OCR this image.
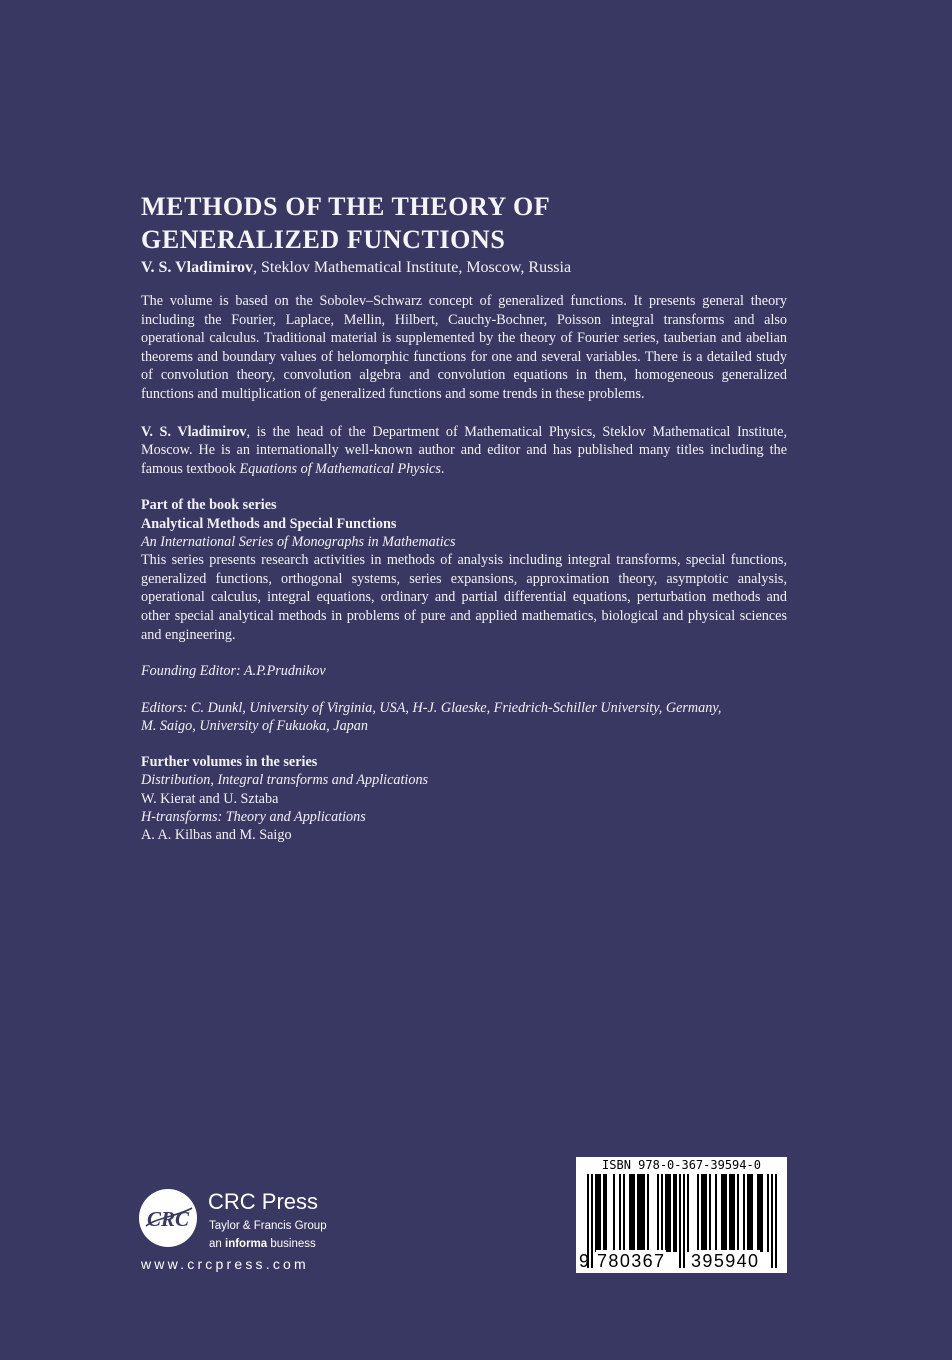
METHODS OF THE THEORY OF
GENERALIZED FUNCTIONS

V. S. Vladimirov, Steklov Mathematical Institute, Moscow, Russia

The volume is based on the Sobolev–Schwarz concept of generalized functions. It presents general theory including the Fourier, Laplace, Mellin, Hilbert, Cauchy-Bochner, Poisson integral transforms and also operational calculus. Traditional material is supplemented by the theory of Fourier series, tauberian and abelian theorems and boundary values of helomorphic functions for one and several variables. There is a detailed study of convolution theory, convolution algebra and convolution equations in them, homogeneous generalized functions and multiplication of generalized functions and some trends in these problems.

V. S. Vladimirov, is the head of the Department of Mathematical Physics, Steklov Mathematical Institute, Moscow. He is an internationally well-known author and editor and has published many titles including the famous textbook Equations of Mathematical Physics.

Part of the book series
Analytical Methods and Special Functions
An International Series of Monographs in Mathematics

This series presents research activities in methods of analysis including integral transforms, special functions, generalized functions, orthogonal systems, series expansions, approximation theory, asymptotic analysis, operational calculus, integral equations, ordinary and partial differential equations, perturbation methods and other special analytical methods in problems of pure and applied mathematics, biological and physical sciences and engineering.

Founding Editor: A.P.Prudnikov
Editors: C. Dunkl, University of Virginia, USA, H-J. Glaeske, Friedrich-Schiller University, Germany,
M. Saigo, University of Fukuoka, Japan
Further volumes in the series
Distribution, Integral transforms and Applications
W. Kierat and U. Sztaba
H-transforms: Theory and Applications
A. A. Kilbas and M. Saigo
CRC
CRC Press
Taylor & Francis Group
an informa business
www.crcpress.com
ISBN 978-0-367-39594-0
9 780367 395940
